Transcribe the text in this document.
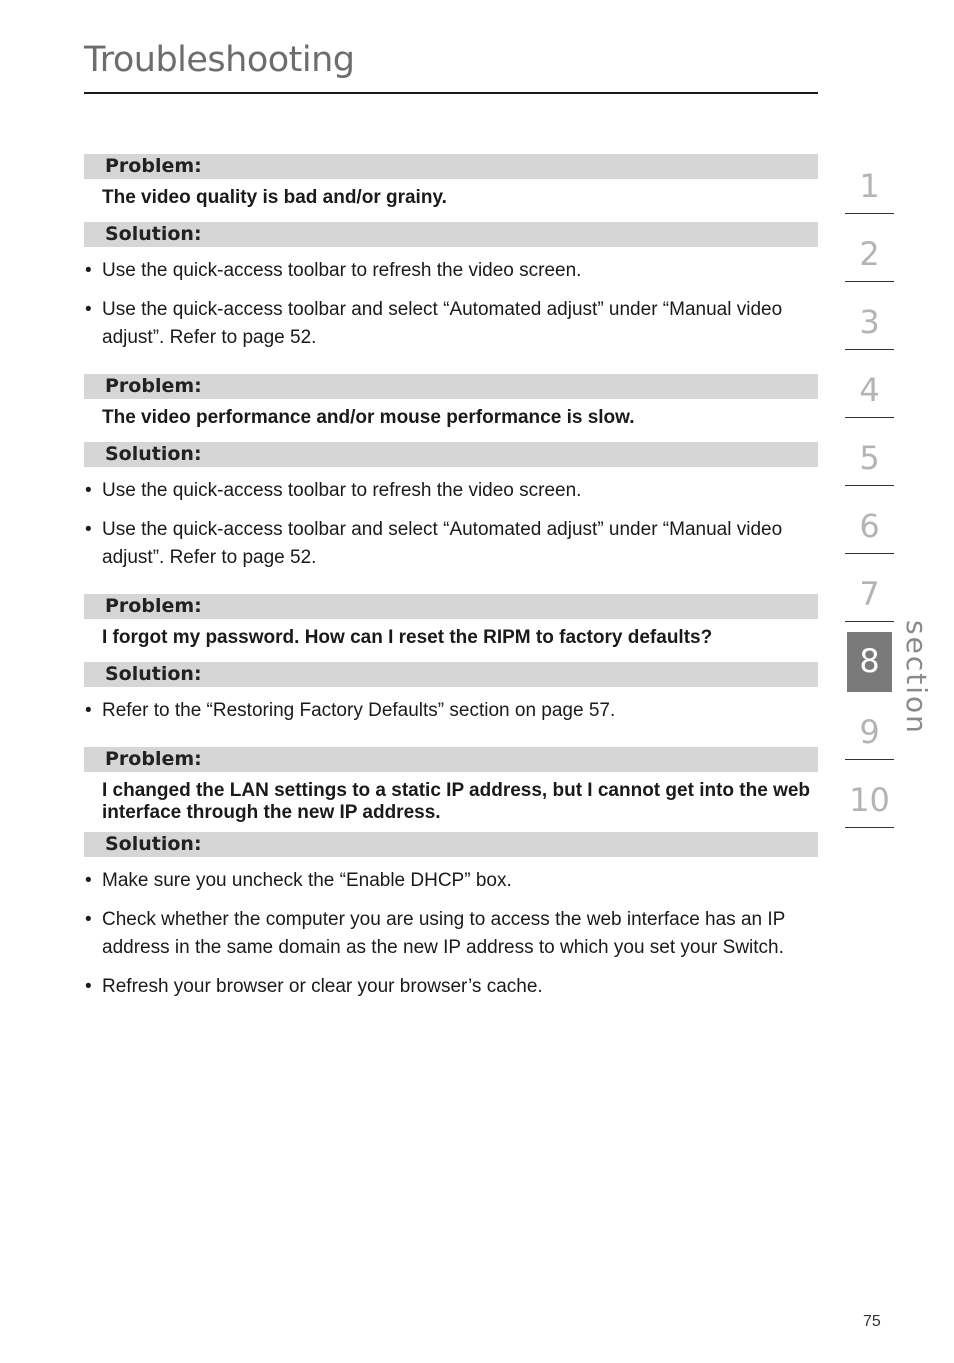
Troubleshooting
Problem:
The video quality is bad and/or grainy.
Solution:
• Use the quick-access toolbar to refresh the video screen.
• Use the quick-access toolbar and select “Automated adjust” under “Manual video adjust”. Refer to page 52.
Problem:
The video performance and/or mouse performance is slow.
Solution:
• Use the quick-access toolbar to refresh the video screen.
• Use the quick-access toolbar and select “Automated adjust” under “Manual video adjust”. Refer to page 52.
Problem:
I forgot my password. How can I reset the RIPM to factory defaults?
Solution:
• Refer to the “Restoring Factory Defaults” section on page 57.
Problem:
I changed the LAN settings to a static IP address, but I cannot get into the web interface through the new IP address.
Solution:
• Make sure you uncheck the “Enable DHCP” box.
• Check whether the computer you are using to access the web interface has an IP address in the same domain as the new IP address to which you set your Switch.
• Refresh your browser or clear your browser’s cache.
1
2
3
4
5
6
7
8
9
10
section
75
